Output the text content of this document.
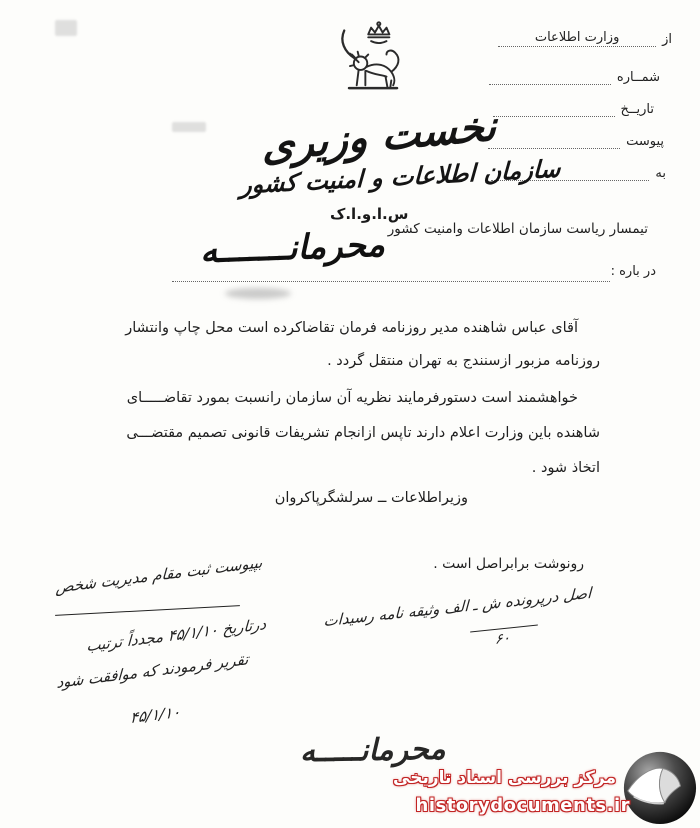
از
وزارت اطلاعات
شمــاره
تاریــخ
پیوست
به
نخست وزیری
سازمان اطلاعات و امنیت کشور
س.ا.و.ا.ک
تیمسار ریاست سازمان اطلاعات وامنیت کشور
محرمانـــــــه
در باره :
آقای عباس شاهنده مدیر روزنامه فرمان تقاضاکرده است محل چاپ وانتشار
روزنامه مزبور ازسنندج به تهران منتقل گردد .
خواهشمند است دستورفرمایند نظریه آن سازمان رانسبت بمورد تقاضـــــای
شاهنده باین وزارت اعلام دارند تاپس ازانجام تشریفات قانونی تصمیم مقتضـــی
اتخاذ شود .
وزیراطلاعات ــ سرلشگرپاکروان
رونوشت برابراصل است .
اصل درپرونده ش ـ الف وثیقه نامه رسیدات
۶۰
بپیوست ثبت مقام مدیریت شخص
درتاریخ ۴۵/۱/۱۰ مجدداً ترتیب
تقریر فرمودند که موافقت شود
۴۵/۱/۱۰
محرمانـــــه
مرکز بررسی اسناد تاریخی
historydocuments.ir
